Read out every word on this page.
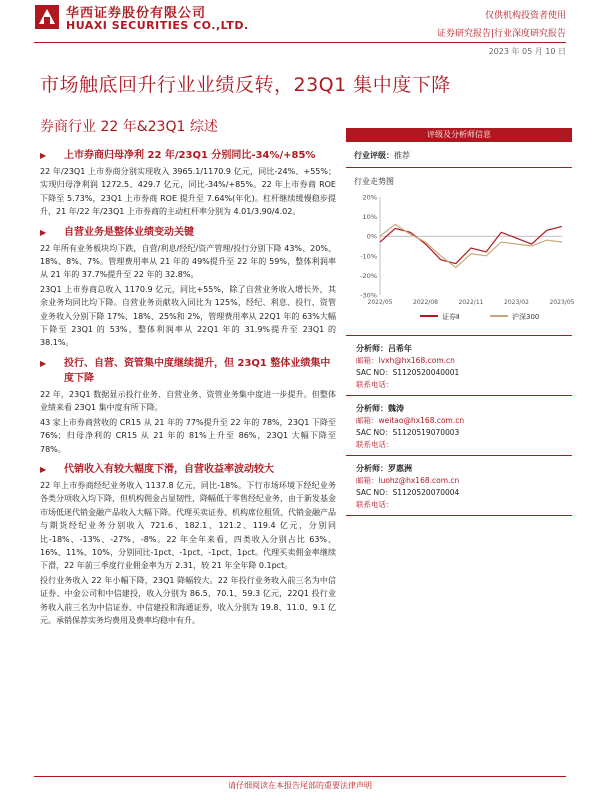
华西证券股份有限公司
HUAXI SECURITIES CO.,LTD.
仅供机构投资者使用
证券研究报告|行业深度研究报告
2023 年 05 月 10 日
市场触底回升行业业绩反转，23Q1 集中度下降
券商行业 22 年&23Q1 综述
▶	上市券商归母净利 22 年/23Q1 分别同比-34%/+85%

22 年/23Q1 上市券商分别实现收入 3965.1/1170.9 亿元，同比-24%、+55%；实现归母净利润 1272.5、429.7 亿元，同比-34%/+85%。22 年上市券商 ROE 下降至 5.73%，23Q1 上市券商 ROE 提升至 7.64%(年化)。杠杆继续缓慢稳步提升，21 年/22 年/23Q1 上市券商的主动杠杆率分别为 4.01/3.90/4.02。

▶	自营业务是整体业绩变动关键

22 年所有业务板块均下跌，自营/利息/经纪/资产管理/投行分别下降 43%、20%、18%、8%、7%。管理费用率从 21 年的 49%提升至 22 年的 59%，整体利润率从 21 年的 37.7%提升至 22 年的 32.8%。

23Q1 上市券商总收入 1170.9 亿元，同比+55%，除了自营业务收入增长外，其余业务均同比均下降。自营业务贡献收入同比为 125%，经纪、利息、投行、资管业务收入分别下降 17%、18%、25%和 2%，管理费用率从 22Q1 年的 63%大幅下降至 23Q1 的 53%，整体利润率从 22Q1 年的 31.9%提升至 23Q1 的 38.1%。

▶	投行、自营、资管集中度继续提升，但 23Q1 整体业绩集中度下降

22 年，23Q1 数据显示投行业务、自营业务、资管业务集中度进一步提升。但整体业绩来看 23Q1 集中度有所下降。

43 家上市券商营收的 CR15 从 21 年的 77%提升至 22 年的 78%，23Q1 下降至 76%；归母净利的 CR15 从 21 年的 81%上升至 86%，23Q1 大幅下降至 78%。

▶	代销收入有较大幅度下滑，自营收益率波动较大

22 年上市券商经纪业务收入 1137.8 亿元，同比-18%。下行市场环境下经纪业务各类分项收入均下降，但机构佣金占显韧性，降幅低于零售经纪业务，由于新发基金市场低迷代销金融产品收入大幅下降。代理买卖证券、机构席位租赁、代销金融产品与期货经纪业务分别收入 721.6、182.1、121.2、119.4 亿元，分别同比-18%、-13%、-27%、-8%。22 年全年来看，四类收入分别占比 63%、16%、11%、10%，分别同比-1pct、-1pct、-1pct、1pct。代理买卖佣金率继续下滑，22 年前三季度行业佣金率为万 2.31，较 21 年全年降 0.1pct。

投行业务收入 22 年小幅下降，23Q1 降幅较大。22 年投行业务收入前三名为中信证券、中金公司和中信建投，收入分别为 86.5、70.1、59.3 亿元，22Q1 投行业务收入前三名为中信证券、中信建投和海通证券，收入分别为 19.8、11.0、9.1 亿元。承销保荐实务均费用及费率均稳中有升。

评级及分析师信息
行业评级：推荐
行业走势图
20%
10%
0%
-10%
-20%
-30%
2022/05	2022/08	2022/11	2023/02	2023/05
证券Ⅱ	沪深300
分析师：吕希年
邮箱：lvxh@hx168.com.cn
SAC NO：S1120520040001
联系电话：
分析师：魏涛
邮箱：weitao@hx168.com.cn
SAC NO：S1120519070003
联系电话：
分析师：罗惠洲
邮箱：luohz@hx168.com.cn
SAC NO：S1120520070004
联系电话：
请仔细阅读在本报告尾部的重要法律声明
